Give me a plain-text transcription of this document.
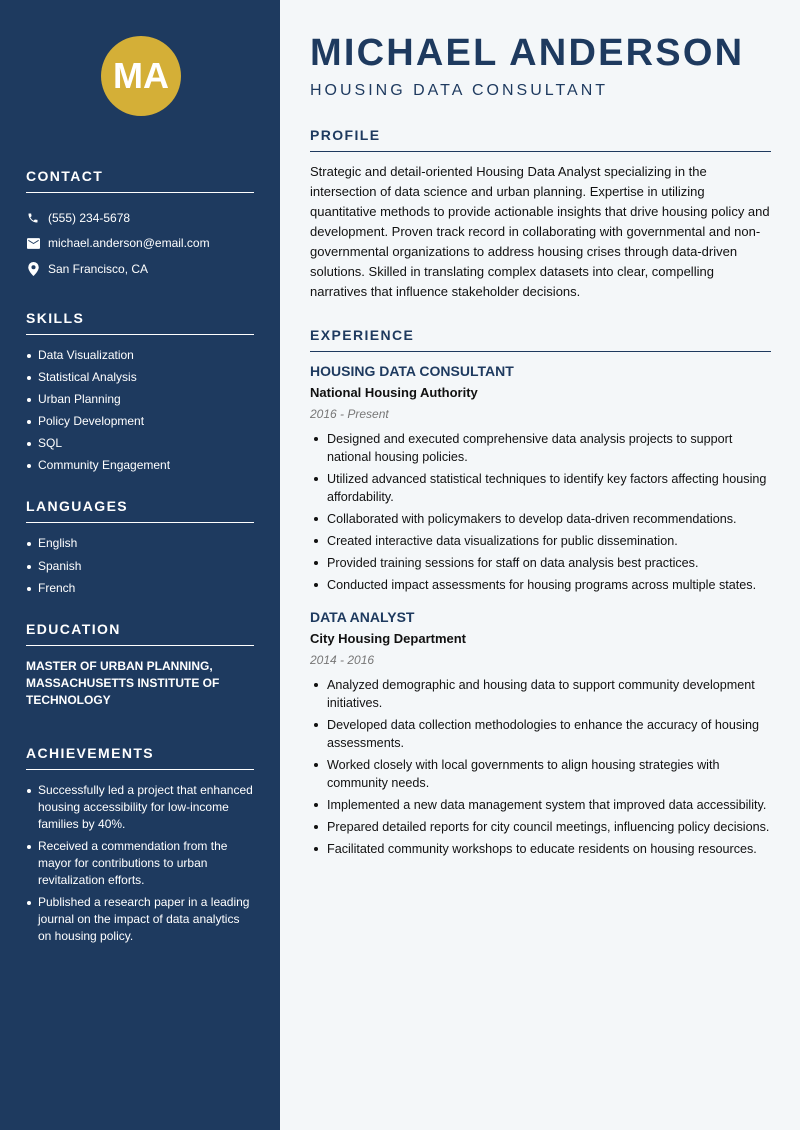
MA
CONTACT
(555) 234-5678
michael.anderson@email.com
San Francisco, CA
SKILLS
Data Visualization
Statistical Analysis
Urban Planning
Policy Development
SQL
Community Engagement
LANGUAGES
English
Spanish
French
EDUCATION
MASTER OF URBAN PLANNING, MASSACHUSETTS INSTITUTE OF TECHNOLOGY
ACHIEVEMENTS
Successfully led a project that enhanced housing accessibility for low-income families by 40%.
Received a commendation from the mayor for contributions to urban revitalization efforts.
Published a research paper in a leading journal on the impact of data analytics on housing policy.
MICHAEL ANDERSON
HOUSING DATA CONSULTANT
PROFILE

Strategic and detail-oriented Housing Data Analyst specializing in the intersection of data science and urban planning. Expertise in utilizing quantitative methods to provide actionable insights that drive housing policy and development. Proven track record in collaborating with governmental and non-governmental organizations to address housing crises through data-driven solutions. Skilled in translating complex datasets into clear, compelling narratives that influence stakeholder decisions.

EXPERIENCE
HOUSING DATA CONSULTANT
National Housing Authority
2016 - Present
Designed and executed comprehensive data analysis projects to support national housing policies.
Utilized advanced statistical techniques to identify key factors affecting housing affordability.
Collaborated with policymakers to develop data-driven recommendations.
Created interactive data visualizations for public dissemination.
Provided training sessions for staff on data analysis best practices.
Conducted impact assessments for housing programs across multiple states.
DATA ANALYST
City Housing Department
2014 - 2016
Analyzed demographic and housing data to support community development initiatives.
Developed data collection methodologies to enhance the accuracy of housing assessments.
Worked closely with local governments to align housing strategies with community needs.
Implemented a new data management system that improved data accessibility.
Prepared detailed reports for city council meetings, influencing policy decisions.
Facilitated community workshops to educate residents on housing resources.
